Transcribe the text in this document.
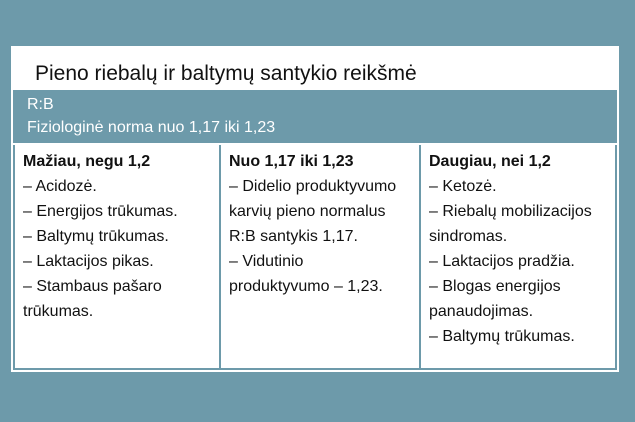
Pieno riebalų ir baltymų santykio reikšmė
R:B
Fiziologinė norma nuo 1,17 iki 1,23
Mažiau, negu 1,2
– Acidozė.
– Energijos trūkumas.
– Baltymų trūkumas.
– Laktacijos pikas.
– Stambaus pašaro
trūkumas.
Nuo 1,17 iki 1,23
– Didelio produktyvumo
karvių pieno normalus
R:B santykis 1,17.
– Vidutinio
produktyvumo – 1,23.
Daugiau, nei 1,2
– Ketozė.
– Riebalų mobilizacijos
sindromas.
– Laktacijos pradžia.
– Blogas energijos
panaudojimas.
– Baltymų trūkumas.
